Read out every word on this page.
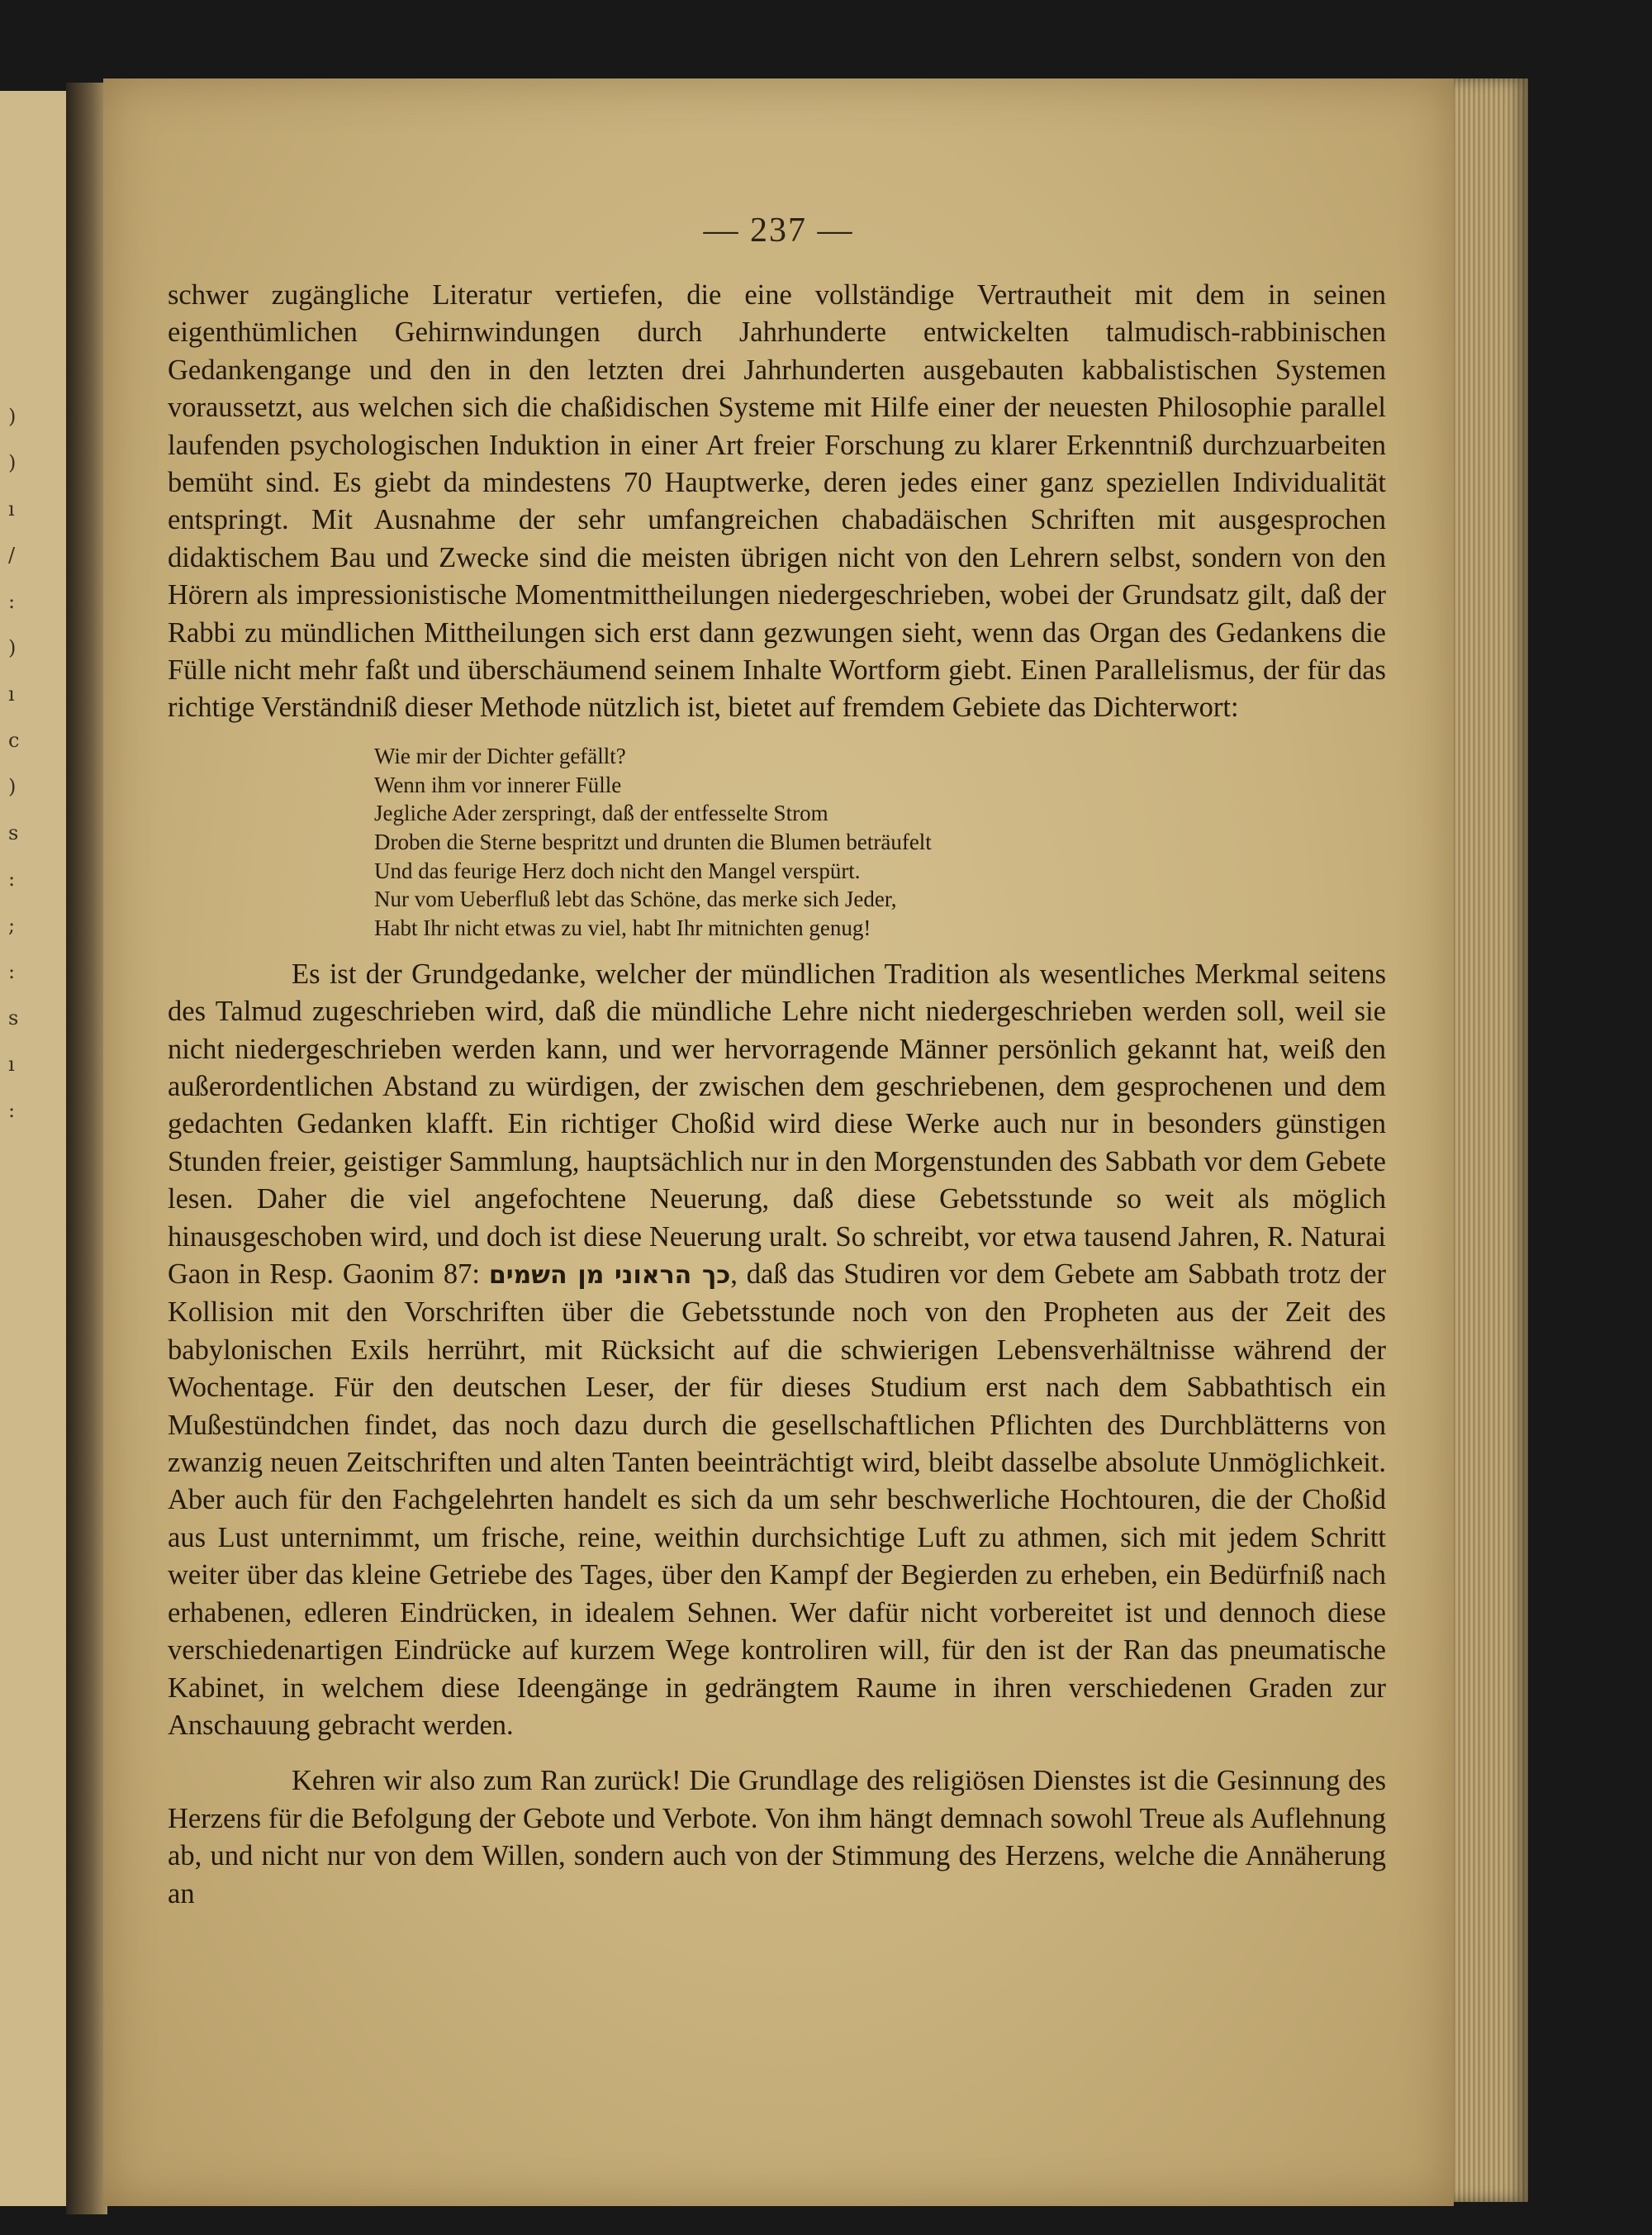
)
)
ı
/
:
)
ı
c
)
s
:
;
:
s
ı
:
— 237 —

schwer zugängliche Literatur vertiefen, die eine vollständige Vertrautheit mit dem in seinen eigenthümlichen Gehirnwindungen durch Jahrhunderte entwickelten talmudisch-rabbinischen Gedankengange und den in den letzten drei Jahrhunderten ausgebauten kabbalistischen Systemen voraussetzt, aus welchen sich die chaßidischen Systeme mit Hilfe einer der neuesten Philosophie parallel laufenden psychologischen Induktion in einer Art freier Forschung zu klarer Erkenntniß durchzuarbeiten bemüht sind. Es giebt da mindestens 70 Hauptwerke, deren jedes einer ganz speziellen Individualität entspringt. Mit Ausnahme der sehr umfangreichen chabadäischen Schriften mit ausgesprochen didaktischem Bau und Zwecke sind die meisten übrigen nicht von den Lehrern selbst, sondern von den Hörern als impressionistische Momentmittheilungen niedergeschrieben, wobei der Grundsatz gilt, daß der Rabbi zu mündlichen Mittheilungen sich erst dann gezwungen sieht, wenn das Organ des Gedankens die Fülle nicht mehr faßt und überschäumend seinem Inhalte Wortform giebt. Einen Parallelismus, der für das richtige Verständniß dieser Methode nützlich ist, bietet auf fremdem Gebiete das Dichterwort:

Wie mir der Dichter gefällt?
Wenn ihm vor innerer Fülle
Jegliche Ader zerspringt, daß der entfesselte Strom
Droben die Sterne bespritzt und drunten die Blumen beträufelt
Und das feurige Herz doch nicht den Mangel verspürt.
Nur vom Ueberfluß lebt das Schöne, das merke sich Jeder,
Habt Ihr nicht etwas zu viel, habt Ihr mitnichten genug!

Es ist der Grundgedanke, welcher der mündlichen Tradition als wesentliches Merkmal seitens des Talmud zugeschrieben wird, daß die mündliche Lehre nicht niedergeschrieben werden soll, weil sie nicht niedergeschrieben werden kann, und wer hervorragende Männer persönlich gekannt hat, weiß den außerordentlichen Abstand zu würdigen, der zwischen dem geschriebenen, dem gesprochenen und dem gedachten Gedanken klafft. Ein richtiger Choßid wird diese Werke auch nur in besonders günstigen Stunden freier, geistiger Sammlung, hauptsächlich nur in den Morgenstunden des Sabbath vor dem Gebete lesen. Daher die viel angefochtene Neuerung, daß diese Gebetsstunde so weit als möglich hinausgeschoben wird, und doch ist diese Neuerung uralt. So schreibt, vor etwa tausend Jahren, R. Naturai Gaon in Resp. Gaonim 87: כך הראוני מן השמים, daß das Studiren vor dem Gebete am Sabbath trotz der Kollision mit den Vorschriften über die Gebetsstunde noch von den Propheten aus der Zeit des babylonischen Exils herrührt, mit Rücksicht auf die schwierigen Lebensverhältnisse während der Wochentage. Für den deutschen Leser, der für dieses Studium erst nach dem Sabbathtisch ein Mußestündchen findet, das noch dazu durch die gesellschaftlichen Pflichten des Durchblätterns von zwanzig neuen Zeitschriften und alten Tanten beeinträchtigt wird, bleibt dasselbe absolute Unmöglichkeit. Aber auch für den Fachgelehrten handelt es sich da um sehr beschwerliche Hochtouren, die der Choßid aus Lust unternimmt, um frische, reine, weithin durchsichtige Luft zu athmen, sich mit jedem Schritt weiter über das kleine Getriebe des Tages, über den Kampf der Begierden zu erheben, ein Bedürfniß nach erhabenen, edleren Eindrücken, in idealem Sehnen. Wer dafür nicht vorbereitet ist und dennoch diese verschiedenartigen Eindrücke auf kurzem Wege kontroliren will, für den ist der Ran das pneumatische Kabinet, in welchem diese Ideengänge in gedrängtem Raume in ihren verschiedenen Graden zur Anschauung gebracht werden.

Kehren wir also zum Ran zurück! Die Grundlage des religiösen Dienstes ist die Gesinnung des Herzens für die Befolgung der Gebote und Verbote. Von ihm hängt demnach sowohl Treue als Auflehnung ab, und nicht nur von dem Willen, sondern auch von der Stimmung des Herzens, welche die Annäherung an
